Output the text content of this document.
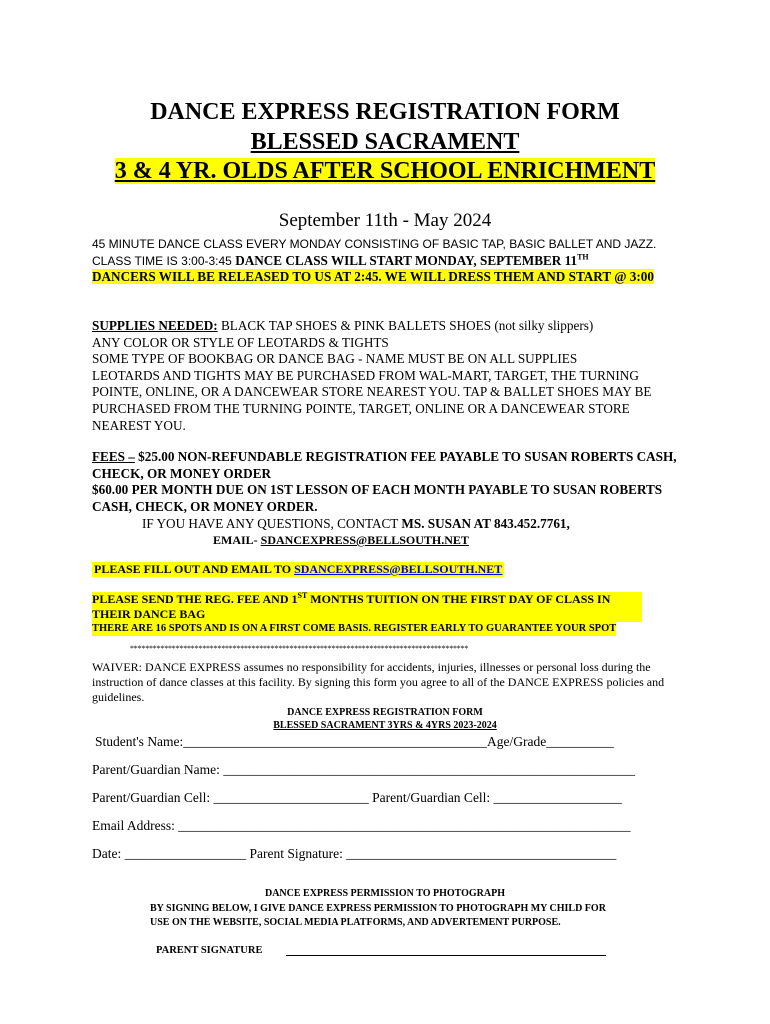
DANCE EXPRESS REGISTRATION FORM
BLESSED SACRAMENT
3 & 4 YR. OLDS AFTER SCHOOL ENRICHMENT
September 11th - May 2024
45 MINUTE DANCE CLASS EVERY MONDAY CONSISTING OF BASIC TAP, BASIC BALLET AND JAZZ. CLASS TIME IS 3:00-3:45 DANCE CLASS WILL START MONDAY, SEPTEMBER 11TH
DANCERS WILL BE RELEASED TO US AT 2:45. WE WILL DRESS THEM AND START @ 3:00
SUPPLIES NEEDED: BLACK TAP SHOES & PINK BALLETS SHOES (not silky slippers)
ANY COLOR OR STYLE OF LEOTARDS & TIGHTS
SOME TYPE OF BOOKBAG OR DANCE BAG - NAME MUST BE ON ALL SUPPLIES
LEOTARDS AND TIGHTS MAY BE PURCHASED FROM WAL-MART, TARGET, THE TURNING POINTE, ONLINE, OR A DANCEWEAR STORE NEAREST YOU. TAP & BALLET SHOES MAY BE PURCHASED FROM THE TURNING POINTE, TARGET, ONLINE OR A DANCEWEAR STORE NEAREST YOU.
FEES – $25.00 NON-REFUNDABLE REGISTRATION FEE PAYABLE TO SUSAN ROBERTS CASH, CHECK, OR MONEY ORDER
$60.00 PER MONTH DUE ON 1ST LESSON OF EACH MONTH PAYABLE TO SUSAN ROBERTS CASH, CHECK, OR MONEY ORDER.
IF YOU HAVE ANY QUESTIONS, CONTACT MS. SUSAN AT 843.452.7761,
EMAIL- SDANCEXPRESS@BELLSOUTH.NET
PLEASE FILL OUT AND EMAIL TO SDANCEXPRESS@BELLSOUTH.NET
PLEASE SEND THE REG. FEE AND 1ST MONTHS TUITION ON THE FIRST DAY OF CLASS IN THEIR DANCE BAG
THERE ARE 16 SPOTS AND IS ON A FIRST COME BASIS. REGISTER EARLY TO GUARANTEE YOUR SPOT
*****************************************************************************************
WAIVER: DANCE EXPRESS assumes no responsibility for accidents, injuries, illnesses or personal loss during the instruction of dance classes at this facility. By signing this form you agree to all of the DANCE EXPRESS policies and guidelines.
DANCE EXPRESS REGISTRATION FORM
BLESSED SACRAMENT 3YRS & 4YRS 2023-2024
Student's Name:_____________________________________________Age/Grade__________
Parent/Guardian Name: _____________________________________________________________
Parent/Guardian Cell: _______________________ Parent/Guardian Cell: ___________________
Email Address: ___________________________________________________________________
Date: __________________ Parent Signature: ________________________________________
DANCE EXPRESS PERMISSION TO PHOTOGRAPH
BY SIGNING BELOW, I GIVE DANCE EXPRESS PERMISSION TO PHOTOGRAPH MY CHILD FOR
USE ON THE WEBSITE, SOCIAL MEDIA PLATFORMS, AND ADVERTEMENT PURPOSE.
PARENT SIGNATURE
